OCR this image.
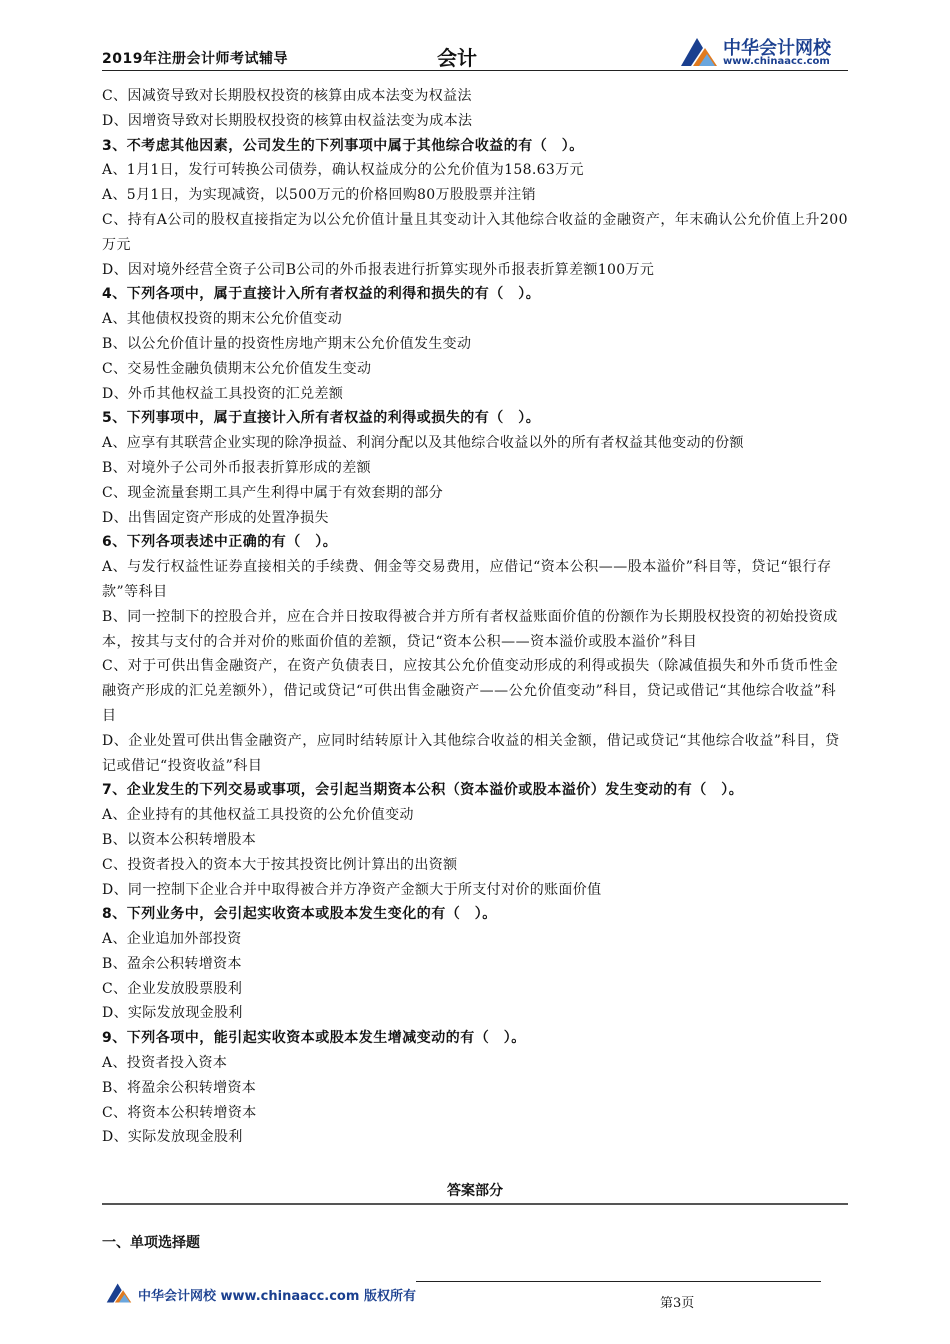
2019年注册会计师考试辅导	会计	中华会计网校
www.chinaacc.com
C、因减资导致对长期股权投资的核算由成本法变为权益法
D、因增资导致对长期股权投资的核算由权益法变为成本法
3、不考虑其他因素，公司发生的下列事项中属于其他综合收益的有（　）。
A、1月1日，发行可转换公司债券，确认权益成分的公允价值为158.63万元
A、5月1日，为实现减资，以500万元的价格回购80万股股票并注销
C、持有A公司的股权直接指定为以公允价值计量且其变动计入其他综合收益的金融资产，年末确认公允价值上升200万元
D、因对境外经营全资子公司B公司的外币报表进行折算实现外币报表折算差额100万元
4、下列各项中，属于直接计入所有者权益的利得和损失的有（　）。
A、其他债权投资的期末公允价值变动
B、以公允价值计量的投资性房地产期末公允价值发生变动
C、交易性金融负债期末公允价值发生变动
D、外币其他权益工具投资的汇兑差额
5、下列事项中，属于直接计入所有者权益的利得或损失的有（　）。
A、应享有其联营企业实现的除净损益、利润分配以及其他综合收益以外的所有者权益其他变动的份额
B、对境外子公司外币报表折算形成的差额
C、现金流量套期工具产生利得中属于有效套期的部分
D、出售固定资产形成的处置净损失
6、下列各项表述中正确的有（　）。
A、与发行权益性证券直接相关的手续费、佣金等交易费用，应借记“资本公积——股本溢价”科目等，贷记“银行存款”等科目
B、同一控制下的控股合并，应在合并日按取得被合并方所有者权益账面价值的份额作为长期股权投资的初始投资成本，按其与支付的合并对价的账面价值的差额，贷记“资本公积——资本溢价或股本溢价”科目
C、对于可供出售金融资产，在资产负债表日，应按其公允价值变动形成的利得或损失（除减值损失和外币货币性金融资产形成的汇兑差额外），借记或贷记“可供出售金融资产——公允价值变动”科目，贷记或借记“其他综合收益”科目
D、企业处置可供出售金融资产，应同时结转原计入其他综合收益的相关金额，借记或贷记“其他综合收益”科目，贷记或借记“投资收益”科目
7、企业发生的下列交易或事项，会引起当期资本公积（资本溢价或股本溢价）发生变动的有（　）。
A、企业持有的其他权益工具投资的公允价值变动
B、以资本公积转增股本
C、投资者投入的资本大于按其投资比例计算出的出资额
D、同一控制下企业合并中取得被合并方净资产金额大于所支付对价的账面价值
8、下列业务中，会引起实收资本或股本发生变化的有（　）。
A、企业追加外部投资
B、盈余公积转增资本
C、企业发放股票股利
D、实际发放现金股利
9、下列各项中，能引起实收资本或股本发生增减变动的有（　）。
A、投资者投入资本
B、将盈余公积转增资本
C、将资本公积转增资本
D、实际发放现金股利
答案部分
一、单项选择题
中华会计网校 www.chinaacc.com 版权所有	第3页
